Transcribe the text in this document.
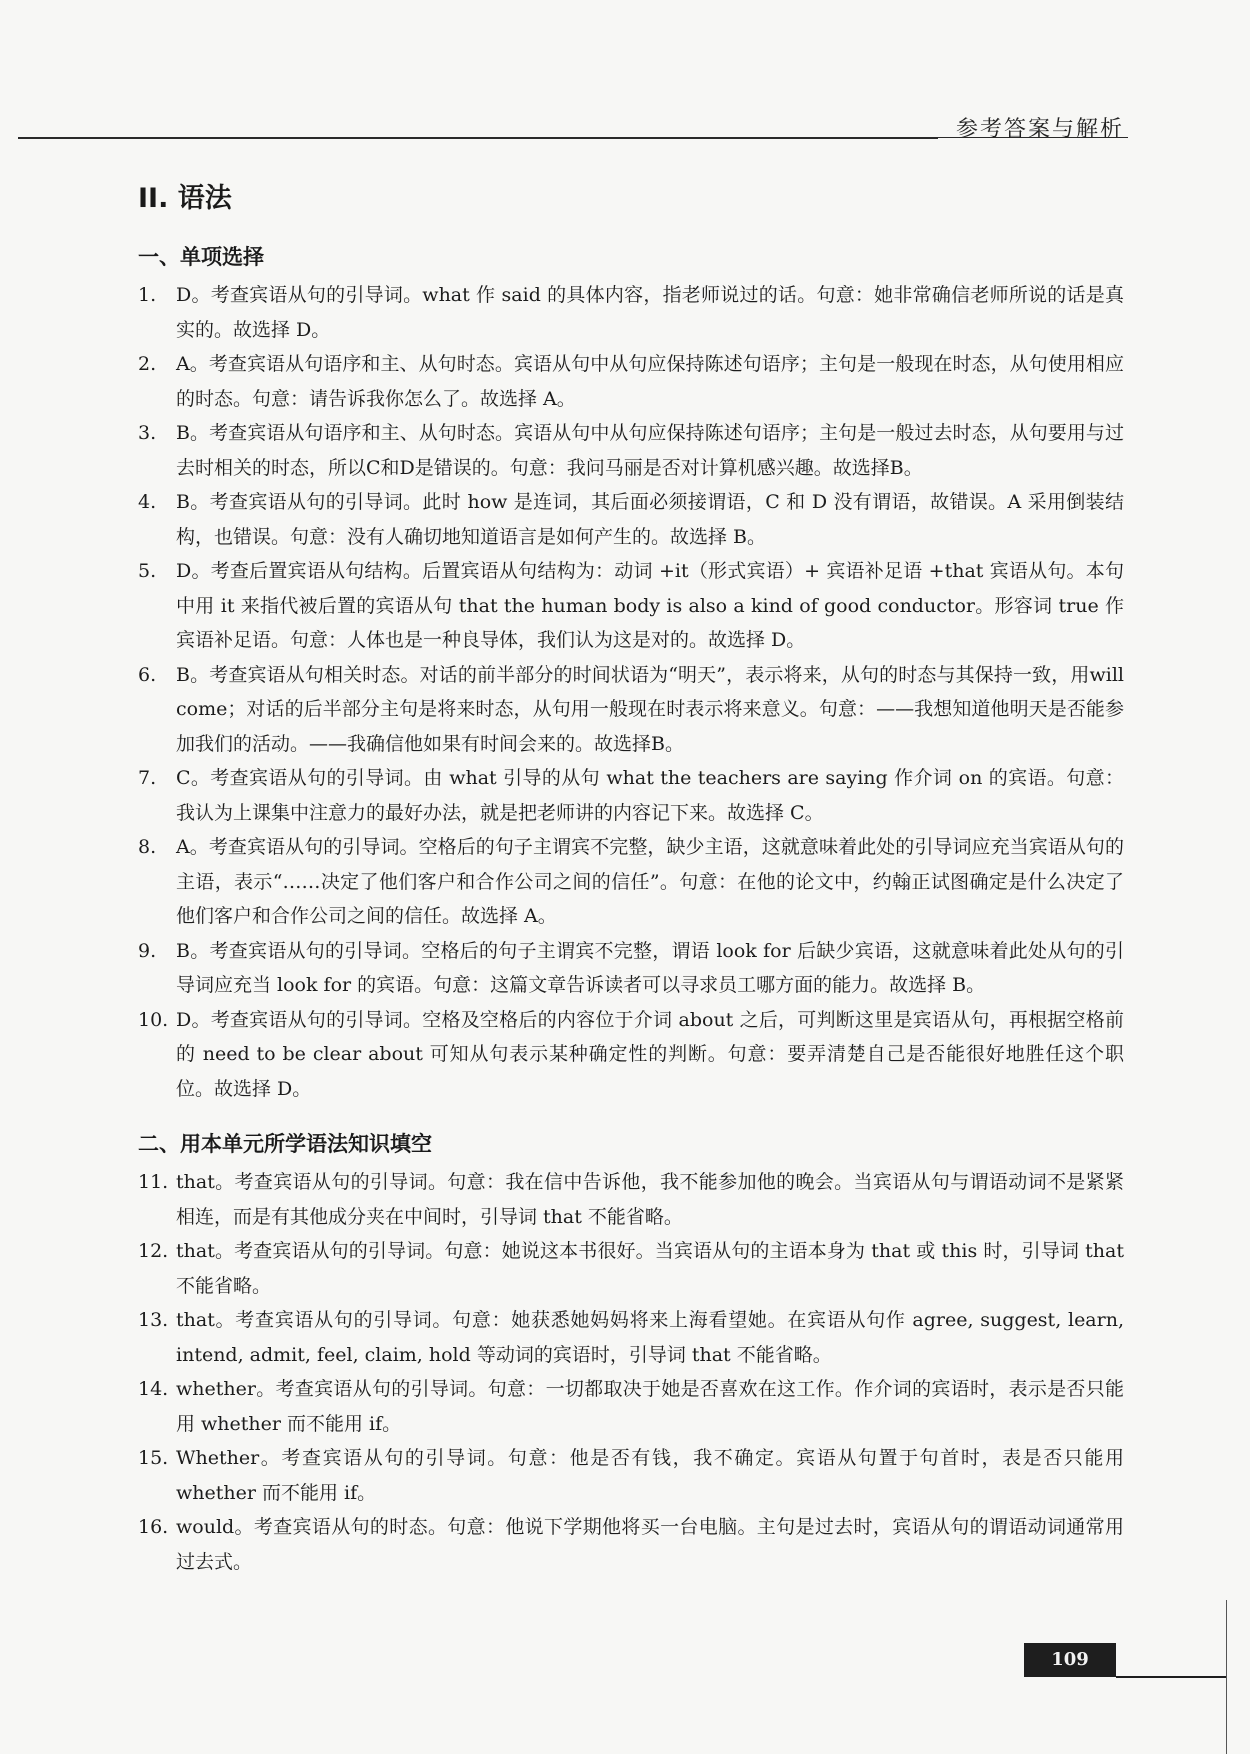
参考答案与解析
II. 语法
一、单项选择
1.	D。考查宾语从句的引导词。what 作 said 的具体内容，指老师说过的话。句意：她非常确信老师所说的话是真实的。故选择 D。
2.	A。考查宾语从句语序和主、从句时态。宾语从句中从句应保持陈述句语序；主句是一般现在时态，从句使用相应的时态。句意：请告诉我你怎么了。故选择 A。
3.	B。考查宾语从句语序和主、从句时态。宾语从句中从句应保持陈述句语序；主句是一般过去时态，从句要用与过去时相关的时态，所以C和D是错误的。句意：我问马丽是否对计算机感兴趣。故选择B。
4.	B。考查宾语从句的引导词。此时 how 是连词，其后面必须接谓语，C 和 D 没有谓语，故错误。A 采用倒装结构，也错误。句意：没有人确切地知道语言是如何产生的。故选择 B。
5.	D。考查后置宾语从句结构。后置宾语从句结构为：动词 +it（形式宾语）+ 宾语补足语 +that 宾语从句。本句中用 it 来指代被后置的宾语从句 that the human body is also a kind of good conductor。形容词 true 作宾语补足语。句意：人体也是一种良导体，我们认为这是对的。故选择 D。
6.	B。考查宾语从句相关时态。对话的前半部分的时间状语为“明天”，表示将来，从句的时态与其保持一致，用will come；对话的后半部分主句是将来时态，从句用一般现在时表示将来意义。句意：——我想知道他明天是否能参加我们的活动。——我确信他如果有时间会来的。故选择B。
7.	C。考查宾语从句的引导词。由 what 引导的从句 what the teachers are saying 作介词 on 的宾语。句意：我认为上课集中注意力的最好办法，就是把老师讲的内容记下来。故选择 C。
8.	A。考查宾语从句的引导词。空格后的句子主谓宾不完整，缺少主语，这就意味着此处的引导词应充当宾语从句的主语，表示“……决定了他们客户和合作公司之间的信任”。句意：在他的论文中，约翰正试图确定是什么决定了他们客户和合作公司之间的信任。故选择 A。
9.	B。考查宾语从句的引导词。空格后的句子主谓宾不完整，谓语 look for 后缺少宾语，这就意味着此处从句的引导词应充当 look for 的宾语。句意：这篇文章告诉读者可以寻求员工哪方面的能力。故选择 B。
10. D。考查宾语从句的引导词。空格及空格后的内容位于介词 about 之后，可判断这里是宾语从句，再根据空格前的 need to be clear about 可知从句表示某种确定性的判断。句意：要弄清楚自己是否能很好地胜任这个职位。故选择 D。
二、用本单元所学语法知识填空
11. that。考查宾语从句的引导词。句意：我在信中告诉他，我不能参加他的晚会。当宾语从句与谓语动词不是紧紧相连，而是有其他成分夹在中间时，引导词 that 不能省略。
12. that。考查宾语从句的引导词。句意：她说这本书很好。当宾语从句的主语本身为 that 或 this 时，引导词 that 不能省略。
13. that。考查宾语从句的引导词。句意：她获悉她妈妈将来上海看望她。在宾语从句作 agree, suggest, learn, intend, admit, feel, claim, hold 等动词的宾语时，引导词 that 不能省略。
14. whether。考查宾语从句的引导词。句意：一切都取决于她是否喜欢在这工作。作介词的宾语时，表示是否只能用 whether 而不能用 if。
15. Whether。考查宾语从句的引导词。句意：他是否有钱，我不确定。宾语从句置于句首时，表是否只能用 whether 而不能用 if。
16. would。考查宾语从句的时态。句意：他说下学期他将买一台电脑。主句是过去时，宾语从句的谓语动词通常用过去式。
109
